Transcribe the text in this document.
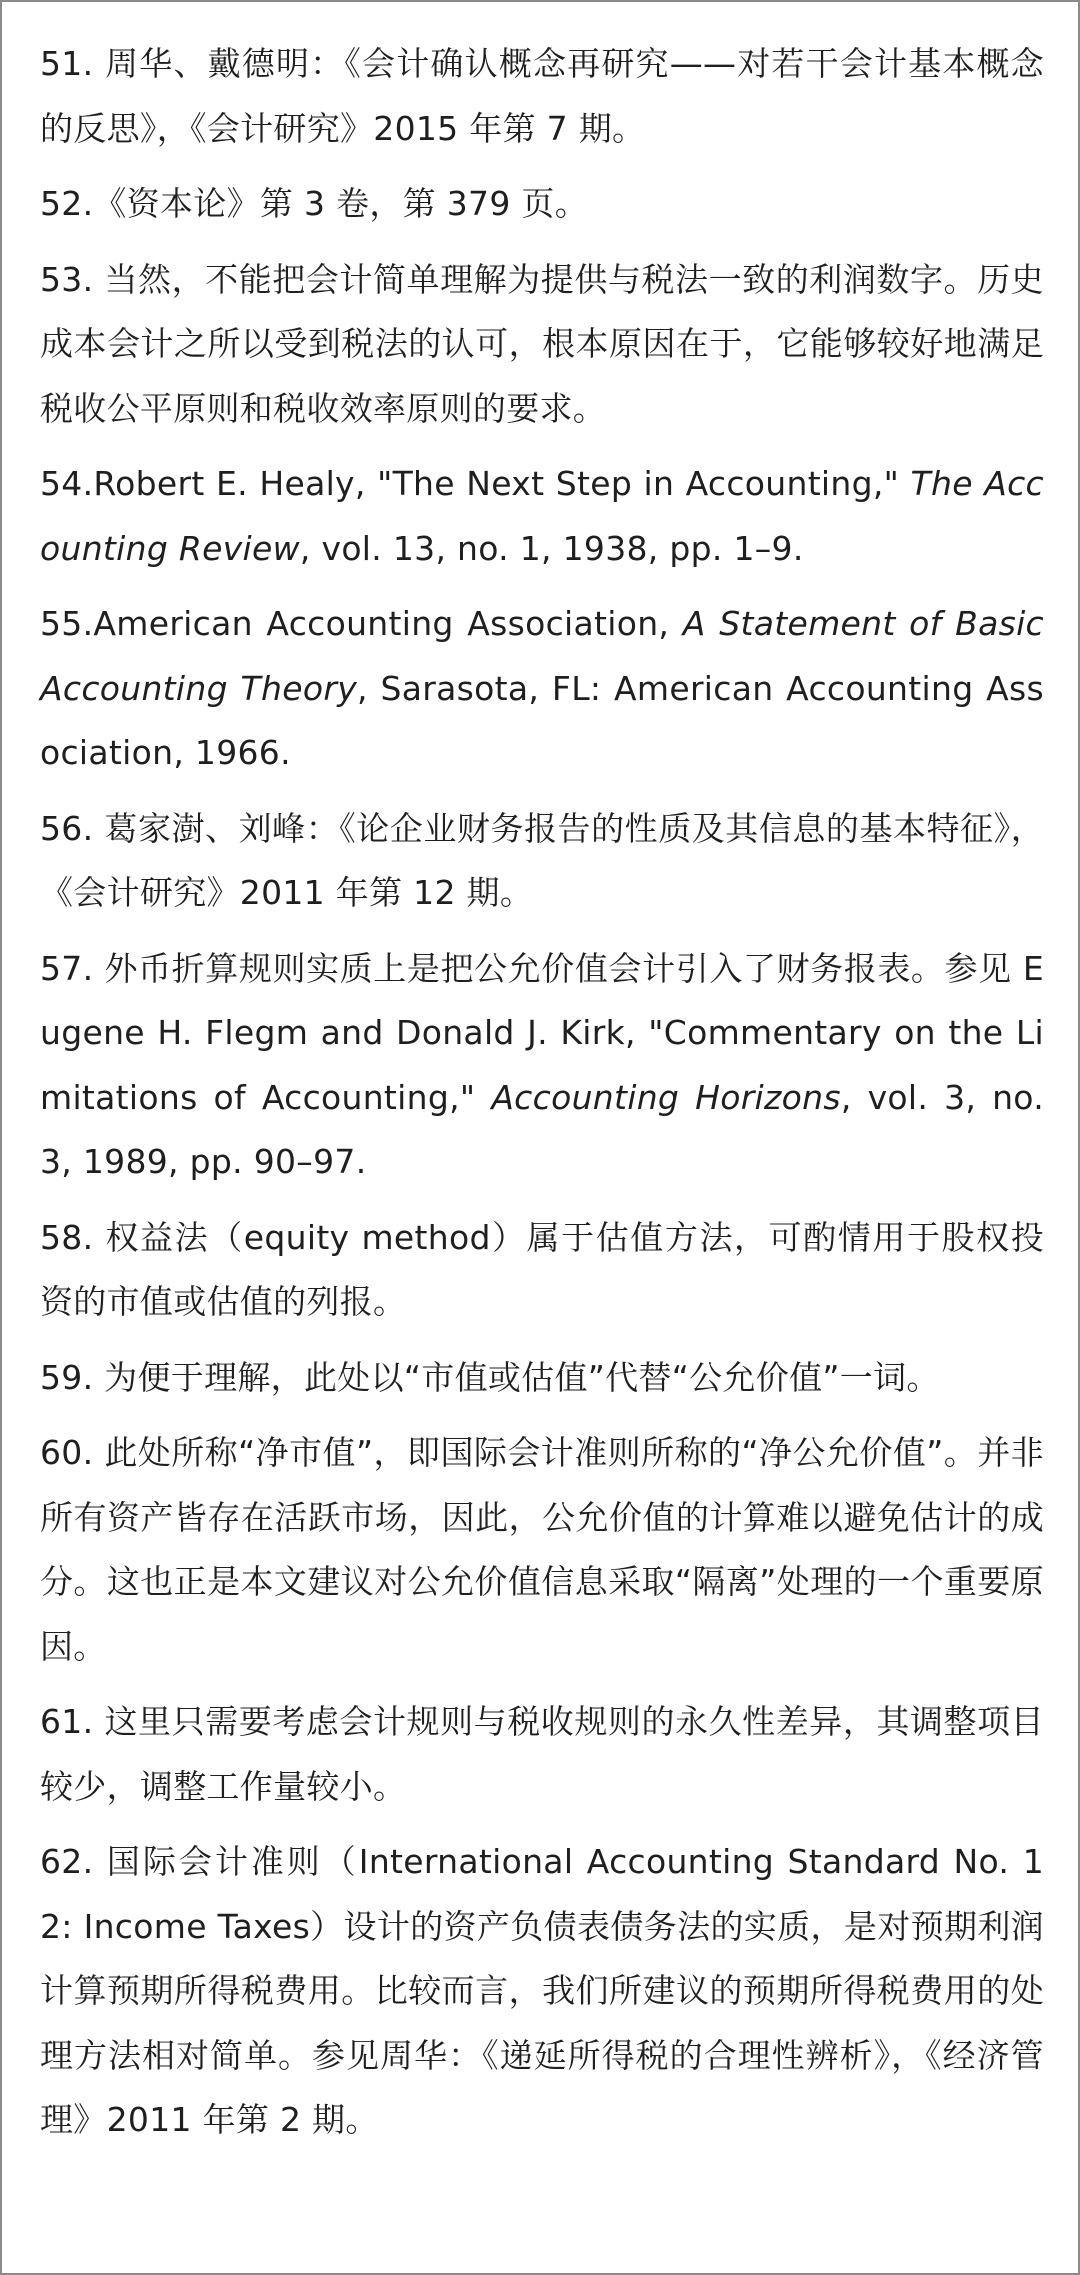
51. 周华、戴德明：《会计确认概念再研究——对若干会计基本概念的反思》，《会计研究》2015 年第 7 期。
52.《资本论》第 3 卷，第 379 页。
53. 当然，不能把会计简单理解为提供与税法一致的利润数字。历史成本会计之所以受到税法的认可，根本原因在于，它能够较好地满足税收公平原则和税收效率原则的要求。
54.Robert E. Healy, "The Next Step in Accounting," The Accounting Review, vol. 13, no. 1, 1938, pp. 1–9.
55.American Accounting Association, A Statement of Basic Accounting Theory, Sarasota, FL: American Accounting Association, 1966.
56. 葛家澍、刘峰：《论企业财务报告的性质及其信息的基本特征》，《会计研究》2011 年第 12 期。
57. 外币折算规则实质上是把公允价值会计引入了财务报表。参见 Eugene H. Flegm and Donald J. Kirk, "Commentary on the Limitations of Accounting," Accounting Horizons, vol. 3, no. 3, 1989, pp. 90–97.
58. 权益法（equity method）属于估值方法，可酌情用于股权投资的市值或估值的列报。
59. 为便于理解，此处以“市值或估值”代替“公允价值”一词。
60. 此处所称“净市值”，即国际会计准则所称的“净公允价值”。并非所有资产皆存在活跃市场，因此，公允价值的计算难以避免估计的成分。这也正是本文建议对公允价值信息采取“隔离”处理的一个重要原因。
61. 这里只需要考虑会计规则与税收规则的永久性差异，其调整项目较少，调整工作量较小。
62. 国际会计准则（International Accounting Standard No. 12: Income Taxes）设计的资产负债表债务法的实质，是对预期利润计算预期所得税费用。比较而言，我们所建议的预期所得税费用的处理方法相对简单。参见周华：《递延所得税的合理性辨析》，《经济管理》2011 年第 2 期。
